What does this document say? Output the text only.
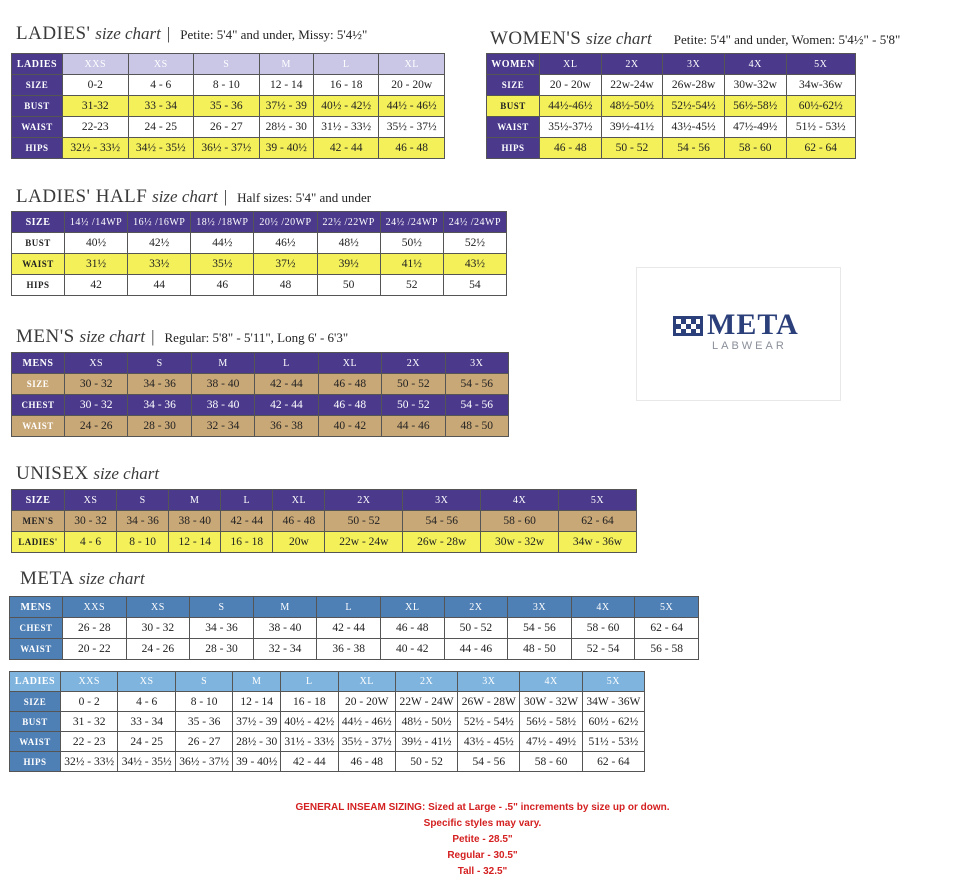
LADIES' size chart | Petite: 5'4" and under, Missy: 5'4½"
LADIES	XXS	XS	S	M	L	XL
SIZE	0-2	4 - 6	8 - 10	12 - 14	16 - 18	20 - 20w
BUST	31-32	33 - 34	35 - 36	37½ - 39	40½ - 42½	44½ - 46½
WAIST	22-23	24 - 25	26 - 27	28½ - 30	31½ - 33½	35½ - 37½
HIPS	32½ - 33½	34½ - 35½	36½ - 37½	39 - 40½	42 - 44	46 - 48
WOMEN'S size chart Petite: 5'4" and under, Women: 5'4½" - 5'8"
WOMEN	XL	2X	3X	4X	5X
SIZE	20 - 20w	22w-24w	26w-28w	30w-32w	34w-36w
BUST	44½-46½	48½-50½	52½-54½	56½-58½	60½-62½
WAIST	35½-37½	39½-41½	43½-45½	47½-49½	51½ - 53½
HIPS	46 - 48	50 - 52	54 - 56	58 - 60	62 - 64
LADIES' HALF size chart | Half sizes: 5'4" and under
SIZE	14½ /14WP	16½ /16WP	18½ /18WP	20½ /20WP	22½ /22WP	24½ /24WP	24½ /24WP
BUST	40½	42½	44½	46½	48½	50½	52½
WAIST	31½	33½	35½	37½	39½	41½	43½
HIPS	42	44	46	48	50	52	54
MEN'S size chart | Regular: 5'8" - 5'11", Long 6' - 6'3"
MENS	XS	S	M	L	XL	2X	3X
SIZE	30 - 32	34 - 36	38 - 40	42 - 44	46 - 48	50 - 52	54 - 56
CHEST	30 - 32	34 - 36	38 - 40	42 - 44	46 - 48	50 - 52	54 - 56
WAIST	24 - 26	28 - 30	32 - 34	36 - 38	40 - 42	44 - 46	48 - 50
UNISEX size chart
SIZE	XS	S	M	L	XL	2X	3X	4X	5X
MEN'S	30 - 32	34 - 36	38 - 40	42 - 44	46 - 48	50 - 52	54 - 56	58 - 60	62 - 64
LADIES'	4 - 6	8 - 10	12 - 14	16 - 18	20w	22w - 24w	26w - 28w	30w - 32w	34w - 36w
META size chart
MENS	XXS	XS	S	M	L	XL	2X	3X	4X	5X
CHEST	26 - 28	30 - 32	34 - 36	38 - 40	42 - 44	46 - 48	50 - 52	54 - 56	58 - 60	62 - 64
WAIST	20 - 22	24 - 26	28 - 30	32 - 34	36 - 38	40 - 42	44 - 46	48 - 50	52 - 54	56 - 58
LADIES	XXS	XS	S	M	L	XL	2X	3X	4X	5X
SIZE	0 - 2	4 - 6	8 - 10	12 - 14	16 - 18	20 - 20W	22W - 24W	26W - 28W	30W - 32W	34W - 36W
BUST	31 - 32	33 - 34	35 - 36	37½ - 39	40½ - 42½	44½ - 46½	48½ - 50½	52½ - 54½	56½ - 58½	60½ - 62½
WAIST	22 - 23	24 - 25	26 - 27	28½ - 30	31½ - 33½	35½ - 37½	39½ - 41½	43½ - 45½	47½ - 49½	51½ - 53½
HIPS	32½ - 33½	34½ - 35½	36½ - 37½	39 - 40½	42 - 44	46 - 48	50 - 52	54 - 56	58 - 60	62 - 64
META
LABWEAR
GENERAL INSEAM SIZING: Sized at Large - .5" increments by size up or down.
Specific styles may vary.
Petite - 28.5"
Regular - 30.5"
Tall - 32.5"
